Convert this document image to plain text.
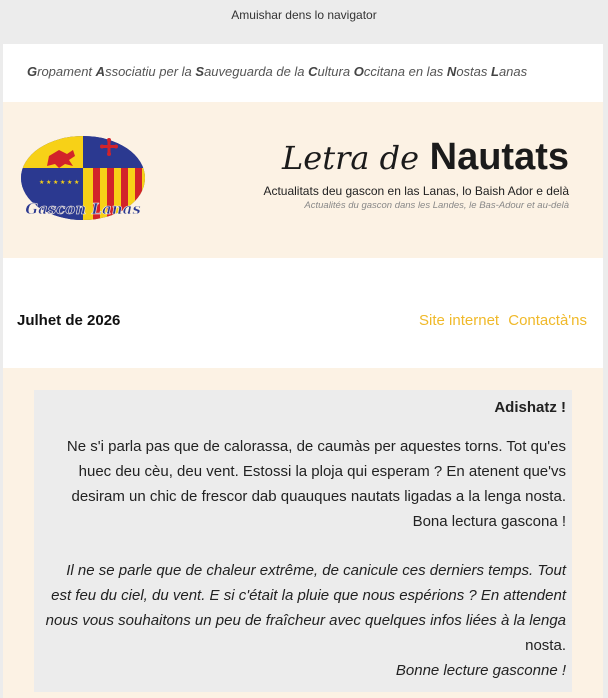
Amuishar dens lo navigator
Gropament Associatiu per la Sauveguarda de la Cultura Occitana en las Nostas Lanas
★ ★ ★ ★ ★ ★
Gascon Lanas
Letra de Nautats
Actualitats deu gascon en las Lanas, lo Baish Ador e delà
Actualités du gascon dans les Landes, le Bas-Adour et au-delà
Julhet de 2026	Site internet Contactà'ns
Adishatz !
Ne s'i parla pas que de calorassa, de caumàs per aquestes torns. Tot qu'es
huec deu cèu, deu vent. Estossi la ploja qui esperam ? En atenent que'vs
desiram un chic de frescor dab quauques nautats ligadas a la lenga nosta.
Bona lectura gascona !
Il ne se parle que de chaleur extrême, de canicule ces derniers temps. Tout
est feu du ciel, du vent. E si c'était la pluie que nous espérions ? En attendent
nous vous souhaitons un peu de fraîcheur avec quelques infos liées à la lenga
nosta.
Bonne lecture gasconne !
